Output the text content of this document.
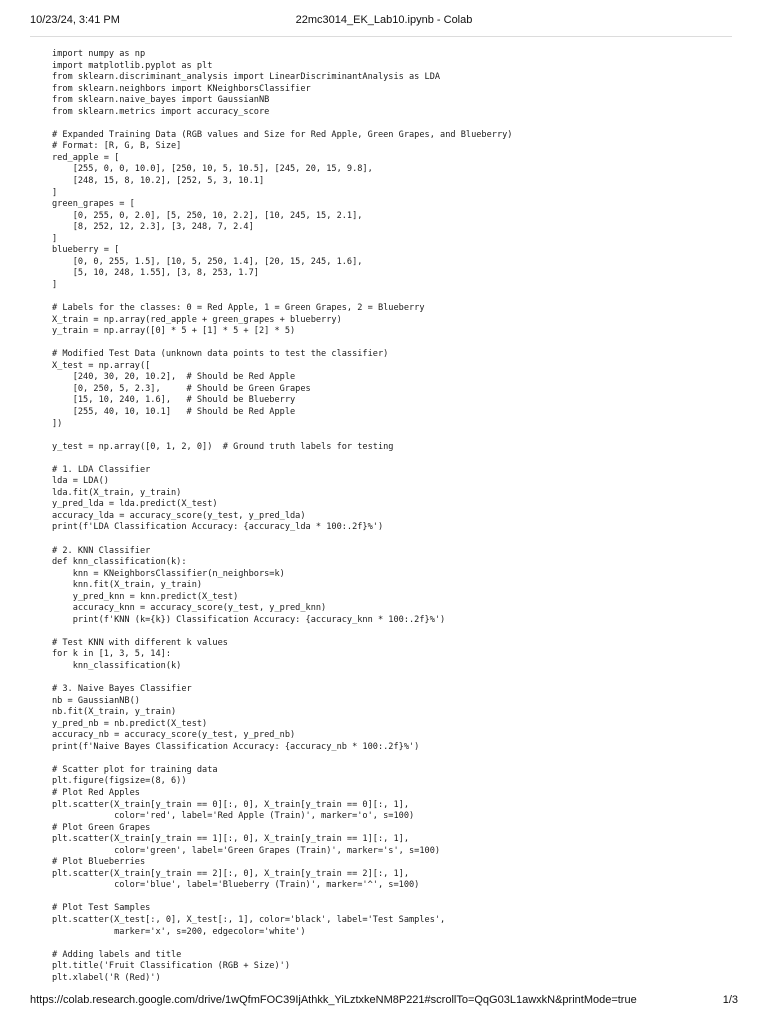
10/23/24, 3:41 PM	22mc3014_EK_Lab10.ipynb - Colab
import numpy as np
import matplotlib.pyplot as plt
from sklearn.discriminant_analysis import LinearDiscriminantAnalysis as LDA
from sklearn.neighbors import KNeighborsClassifier
from sklearn.naive_bayes import GaussianNB
from sklearn.metrics import accuracy_score
# Expanded Training Data (RGB values and Size for Red Apple, Green Grapes, and Blueberry)
# Format: [R, G, B, Size]
red_apple = [
[255, 0, 0, 10.0], [250, 10, 5, 10.5], [245, 20, 15, 9.8],
[248, 15, 8, 10.2], [252, 5, 3, 10.1]
]
green_grapes = [
[0, 255, 0, 2.0], [5, 250, 10, 2.2], [10, 245, 15, 2.1],
[8, 252, 12, 2.3], [3, 248, 7, 2.4]
]
blueberry = [
[0, 0, 255, 1.5], [10, 5, 250, 1.4], [20, 15, 245, 1.6],
[5, 10, 248, 1.55], [3, 8, 253, 1.7]
]
# Labels for the classes: 0 = Red Apple, 1 = Green Grapes, 2 = Blueberry
X_train = np.array(red_apple + green_grapes + blueberry)
y_train = np.array([0] * 5 + [1] * 5 + [2] * 5)
# Modified Test Data (unknown data points to test the classifier)
X_test = np.array([
[240, 30, 20, 10.2],  # Should be Red Apple
[0, 250, 5, 2.3],     # Should be Green Grapes
[15, 10, 240, 1.6],   # Should be Blueberry
[255, 40, 10, 10.1]   # Should be Red Apple
])
y_test = np.array([0, 1, 2, 0])  # Ground truth labels for testing
# 1. LDA Classifier
lda = LDA()
lda.fit(X_train, y_train)
y_pred_lda = lda.predict(X_test)
accuracy_lda = accuracy_score(y_test, y_pred_lda)
print(f'LDA Classification Accuracy: {accuracy_lda * 100:.2f}%')
# 2. KNN Classifier
def knn_classification(k):
knn = KNeighborsClassifier(n_neighbors=k)
knn.fit(X_train, y_train)
y_pred_knn = knn.predict(X_test)
accuracy_knn = accuracy_score(y_test, y_pred_knn)
print(f'KNN (k={k}) Classification Accuracy: {accuracy_knn * 100:.2f}%')
# Test KNN with different k values
for k in [1, 3, 5, 14]:
knn_classification(k)
# 3. Naive Bayes Classifier
nb = GaussianNB()
nb.fit(X_train, y_train)
y_pred_nb = nb.predict(X_test)
accuracy_nb = accuracy_score(y_test, y_pred_nb)
print(f'Naive Bayes Classification Accuracy: {accuracy_nb * 100:.2f}%')
# Scatter plot for training data
plt.figure(figsize=(8, 6))
# Plot Red Apples
plt.scatter(X_train[y_train == 0][:, 0], X_train[y_train == 0][:, 1],
color='red', label='Red Apple (Train)', marker='o', s=100)
# Plot Green Grapes
plt.scatter(X_train[y_train == 1][:, 0], X_train[y_train == 1][:, 1],
color='green', label='Green Grapes (Train)', marker='s', s=100)
# Plot Blueberries
plt.scatter(X_train[y_train == 2][:, 0], X_train[y_train == 2][:, 1],
color='blue', label='Blueberry (Train)', marker='^', s=100)
# Plot Test Samples
plt.scatter(X_test[:, 0], X_test[:, 1], color='black', label='Test Samples',
marker='x', s=200, edgecolor='white')
# Adding labels and title
plt.title('Fruit Classification (RGB + Size)')
plt.xlabel('R (Red)')
https://colab.research.google.com/drive/1wQfmFOC39IjAthkk_YiLztxkeNM8P221#scrollTo=QqG03L1awxkN&printMode=true	1/3
